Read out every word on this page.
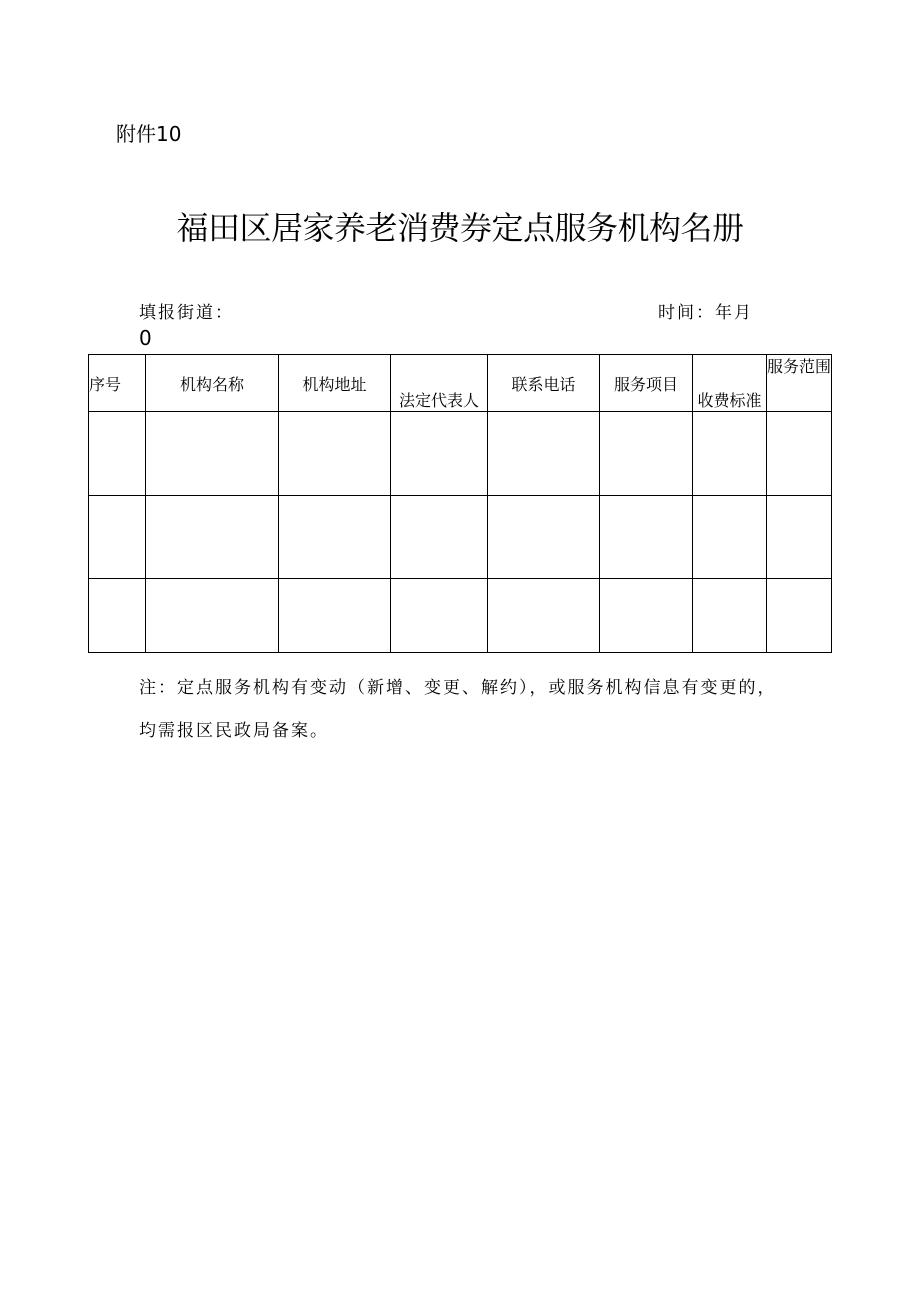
附件10
福田区居家养老消费券定点服务机构名册
填报街道：	时间：年月
0
序号	机构名称	机构地址	法定代表人	联系电话	服务项目	收费标准	服务范围

注：定点服务机构有变动（新增、变更、解约），或服务机构信息有变更的，
均需报区民政局备案。
